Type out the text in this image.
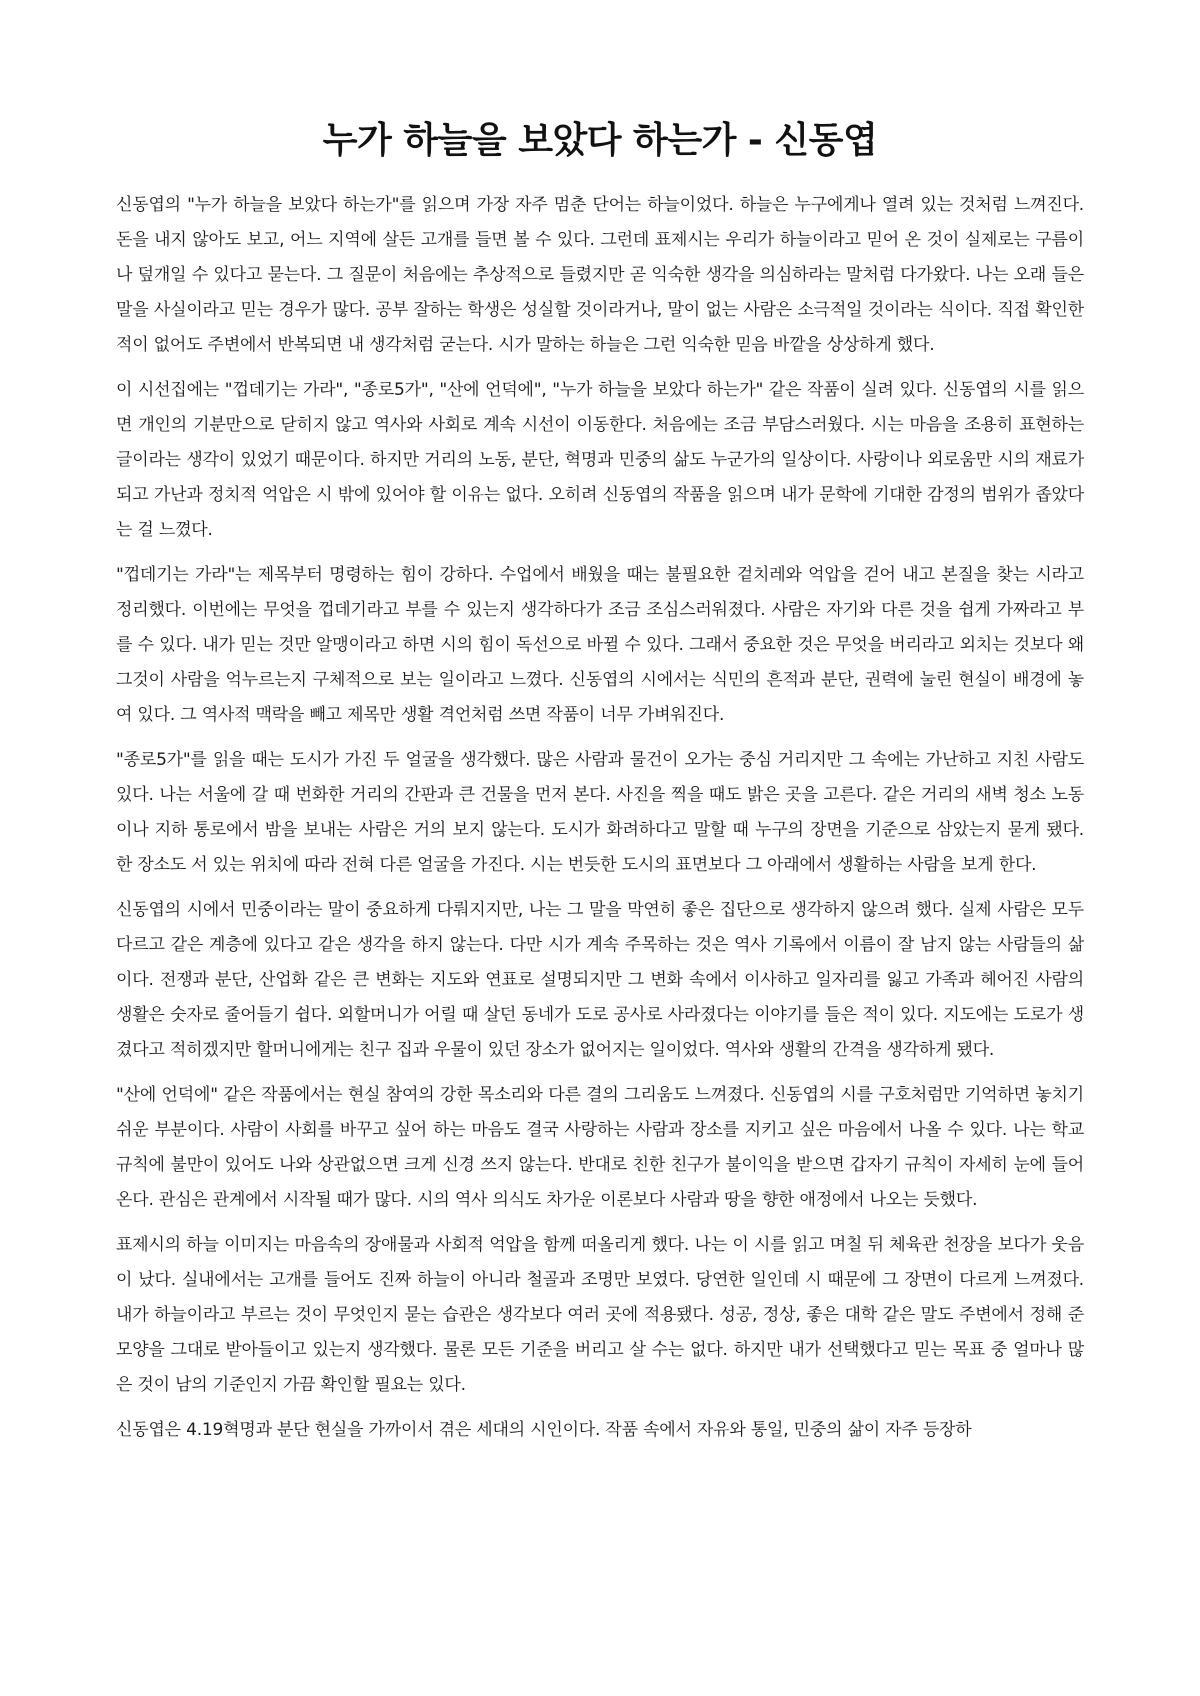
누가 하늘을 보았다 하는가 - 신동엽

신동엽의 "누가 하늘을 보았다 하는가"를 읽으며 가장 자주 멈춘 단어는 하늘이었다. 하늘은 누구에게나 열려 있는 것처럼 느껴진다. 돈을 내지 않아도 보고, 어느 지역에 살든 고개를 들면 볼 수 있다. 그런데 표제시는 우리가 하늘이라고 믿어 온 것이 실제로는 구름이나 덮개일 수 있다고 묻는다. 그 질문이 처음에는 추상적으로 들렸지만 곧 익숙한 생각을 의심하라는 말처럼 다가왔다. 나는 오래 들은 말을 사실이라고 믿는 경우가 많다. 공부 잘하는 학생은 성실할 것이라거나, 말이 없는 사람은 소극적일 것이라는 식이다. 직접 확인한 적이 없어도 주변에서 반복되면 내 생각처럼 굳는다. 시가 말하는 하늘은 그런 익숙한 믿음 바깥을 상상하게 했다.

이 시선집에는 "껍데기는 가라", "종로5가", "산에 언덕에", "누가 하늘을 보았다 하는가" 같은 작품이 실려 있다. 신동엽의 시를 읽으면 개인의 기분만으로 닫히지 않고 역사와 사회로 계속 시선이 이동한다. 처음에는 조금 부담스러웠다. 시는 마음을 조용히 표현하는 글이라는 생각이 있었기 때문이다. 하지만 거리의 노동, 분단, 혁명과 민중의 삶도 누군가의 일상이다. 사랑이나 외로움만 시의 재료가 되고 가난과 정치적 억압은 시 밖에 있어야 할 이유는 없다. 오히려 신동엽의 작품을 읽으며 내가 문학에 기대한 감정의 범위가 좁았다는 걸 느꼈다.

"껍데기는 가라"는 제목부터 명령하는 힘이 강하다. 수업에서 배웠을 때는 불필요한 겉치레와 억압을 걷어 내고 본질을 찾는 시라고 정리했다. 이번에는 무엇을 껍데기라고 부를 수 있는지 생각하다가 조금 조심스러워졌다. 사람은 자기와 다른 것을 쉽게 가짜라고 부를 수 있다. 내가 믿는 것만 알맹이라고 하면 시의 힘이 독선으로 바뀔 수 있다. 그래서 중요한 것은 무엇을 버리라고 외치는 것보다 왜 그것이 사람을 억누르는지 구체적으로 보는 일이라고 느꼈다. 신동엽의 시에서는 식민의 흔적과 분단, 권력에 눌린 현실이 배경에 놓여 있다. 그 역사적 맥락을 빼고 제목만 생활 격언처럼 쓰면 작품이 너무 가벼워진다.

"종로5가"를 읽을 때는 도시가 가진 두 얼굴을 생각했다. 많은 사람과 물건이 오가는 중심 거리지만 그 속에는 가난하고 지친 사람도 있다. 나는 서울에 갈 때 번화한 거리의 간판과 큰 건물을 먼저 본다. 사진을 찍을 때도 밝은 곳을 고른다. 같은 거리의 새벽 청소 노동이나 지하 통로에서 밤을 보내는 사람은 거의 보지 않는다. 도시가 화려하다고 말할 때 누구의 장면을 기준으로 삼았는지 묻게 됐다. 한 장소도 서 있는 위치에 따라 전혀 다른 얼굴을 가진다. 시는 번듯한 도시의 표면보다 그 아래에서 생활하는 사람을 보게 한다.

신동엽의 시에서 민중이라는 말이 중요하게 다뤄지지만, 나는 그 말을 막연히 좋은 집단으로 생각하지 않으려 했다. 실제 사람은 모두 다르고 같은 계층에 있다고 같은 생각을 하지 않는다. 다만 시가 계속 주목하는 것은 역사 기록에서 이름이 잘 남지 않는 사람들의 삶이다. 전쟁과 분단, 산업화 같은 큰 변화는 지도와 연표로 설명되지만 그 변화 속에서 이사하고 일자리를 잃고 가족과 헤어진 사람의 생활은 숫자로 줄어들기 쉽다. 외할머니가 어릴 때 살던 동네가 도로 공사로 사라졌다는 이야기를 들은 적이 있다. 지도에는 도로가 생겼다고 적히겠지만 할머니에게는 친구 집과 우물이 있던 장소가 없어지는 일이었다. 역사와 생활의 간격을 생각하게 됐다.

"산에 언덕에" 같은 작품에서는 현실 참여의 강한 목소리와 다른 결의 그리움도 느껴졌다. 신동엽의 시를 구호처럼만 기억하면 놓치기 쉬운 부분이다. 사람이 사회를 바꾸고 싶어 하는 마음도 결국 사랑하는 사람과 장소를 지키고 싶은 마음에서 나올 수 있다. 나는 학교 규칙에 불만이 있어도 나와 상관없으면 크게 신경 쓰지 않는다. 반대로 친한 친구가 불이익을 받으면 갑자기 규칙이 자세히 눈에 들어온다. 관심은 관계에서 시작될 때가 많다. 시의 역사 의식도 차가운 이론보다 사람과 땅을 향한 애정에서 나오는 듯했다.

표제시의 하늘 이미지는 마음속의 장애물과 사회적 억압을 함께 떠올리게 했다. 나는 이 시를 읽고 며칠 뒤 체육관 천장을 보다가 웃음이 났다. 실내에서는 고개를 들어도 진짜 하늘이 아니라 철골과 조명만 보였다. 당연한 일인데 시 때문에 그 장면이 다르게 느껴졌다. 내가 하늘이라고 부르는 것이 무엇인지 묻는 습관은 생각보다 여러 곳에 적용됐다. 성공, 정상, 좋은 대학 같은 말도 주변에서 정해 준 모양을 그대로 받아들이고 있는지 생각했다. 물론 모든 기준을 버리고 살 수는 없다. 하지만 내가 선택했다고 믿는 목표 중 얼마나 많은 것이 남의 기준인지 가끔 확인할 필요는 있다.

신동엽은 4.19혁명과 분단 현실을 가까이서 겪은 세대의 시인이다. 작품 속에서 자유와 통일, 민중의 삶이 자주 등장하
